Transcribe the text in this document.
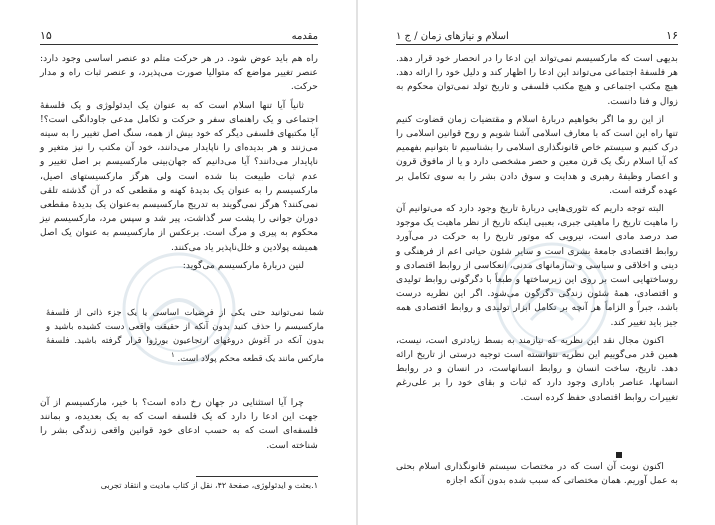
۱۵	مقدمه

راه هم باید عوض شود. در هر حرکت متلم دو عنصر اساسی وجود دارد: عنصر تغییر مواضع که متوالیا صورت می‌پذیرد، و عنصر ثبات راه و مدار حرکت.

ثانیاً آیا تنها اسلام است که به عنوان یک ایدئولوژی و یک فلسفهٔ اجتماعی و یک راهنمای سفر و حرکت و تکامل مدعی جاودانگی است؟! آیا مکتبهای فلسفی دیگر که خود بیش از همه، سنگ اصل تغییر را به سینه می‌زنند و هر بدیده‌ای را ناپایدار می‌دانند، خود آن مکتب را نیز متغیر و ناپایدار می‌دانند؟ آیا می‌دانیم که جهان‌بینی مارکسیسم بر اصل تغییر و عدم ثبات طبیعت بنا شده است ولی هرگز مارکسیستهای اصیل، مارکسیسم را به عنوان یک بدیدهٔ کهنه و مقطعی که در آن گذشته تلقی نمی‌کنند؟ هرگز نمی‌گویند به تدریج مارکسیسم به‌عنوان یک بدیدهٔ مقطعی دوران جوانی را پشت سر گذاشت، پیر شد و سپس مرد، مارکسیسم نیز محکوم به پیری و مرگ است. برعکس از مارکسیسم به عنوان یک اصل همیشه پولادین و خلل‌ناپذیر یاد می‌کنند.

لنین دربارهٔ مارکسیسم می‌گوید:

شما نمی‌توانید حتی یکی از فرضیات اساسی یا یک جزء ذاتی از فلسفهٔ مارکسیسم را حذف کنید بدون آنکه از حقیقت واقعی دست کشیده باشید و بدون آنکه در آغوش دروغهای ارتجاعیون بورژوا قرار گرفته باشید. فلسفهٔ مارکس مانند یک قطعه محکم پولاد است. $^۱$

چرا آیا استثنایی در جهان رخ داده است؟ با خیر، مارکسیسم از آن جهت این ادعا را دارد که یک فلسفه است که به یک بعدیده، و بمانند فلسفه‌ای است که به حسب ادعای خود قوانین واقعی زندگی بشر را شناخته است.

۱.بعثت و ایدئولوژی، صفحهٔ ۴۲، نقل از کتاب مادیت و انتقاد تجربی
۱۶
اسلام و نیازهای زمان / ج ۱

بدیهی است که مارکسیسم نمی‌تواند این ادعا را در انحصار خود قرار دهد. هر فلسفهٔ اجتماعی می‌تواند این ادعا را اظهار کند و دلیل خود را ارائه دهد. هیچ مکتب اجتماعی و هیچ مکتب فلسفی و تاریخ تولد نمی‌توان محکوم به زوال و فنا دانست.

از این رو ما اگر بخواهیم دربارهٔ اسلام و مقتضیات زمان قضاوت کنیم تنها راه این است که با معارف اسلامی آشنا شویم و روح قوانین اسلامی را درک کنیم و سیستم خاص قانونگذاری اسلامی را بشناسیم تا بتوانیم بفهمیم که آیا اسلام رنگ یک قرن معین و حصر مشخصی دارد و یا از مافوق قرون و اعصار وظیفهٔ رهبری و هدایت و سوق دادن بشر را به سوی تکامل بر عهده گرفته است.

البته توجه داریم که تئوری‌هایی دربارهٔ تاریخ وجود دارد که می‌توانیم آن را ماهیت تاریخ را ماهیتی جبری، بعبیی اینکه تاریخ از نظر ماهیت یک موجود صد درصد مادی است، نیرویی که موتور تاریخ را به حرکت در می‌آورد روابط اقتصادی جامعهٔ بشری است و سایر شئون حیاتی اعم از فرهنگی و دینی و اخلاقی و سیاسی و سازمانهای مدنی، انعکاسی از روابط اقتصادی و روساختهایی است بر روی این زیرساختها و طبعاً با دگرگونی روابط تولیدی و اقتصادی، همهٔ شئون زندگی دگرگون می‌شود. اگر این نظریه درست باشد، جبراً و الزاماً هر آنچه بر تکامل ابزار تولیدی و روابط اقتصادی همه جیز باید تغییر کند.

اکنون مجال نقد این نظریه که نیازمند به بسط زیادتری است، نیست، همین قدر می‌گوییم این نظریه نتوانسته است توجیه درستی از تاریخ ارائه دهد. تاریخ، ساخت انسان و روابط انسانهاست، در انسان و در روابط انسانها، عناصر باداری وجود دارد که ثبات و بقای خود را بر علی‌رغم تغییرات روابط اقتصادی حفظ کرده است.

اکنون نوبت آن است که در مختصات سیستم قانونگذاری اسلام بحثی به عمل آوریم. همان مختصاتی که سبب شده بدون آنکه اجازه
